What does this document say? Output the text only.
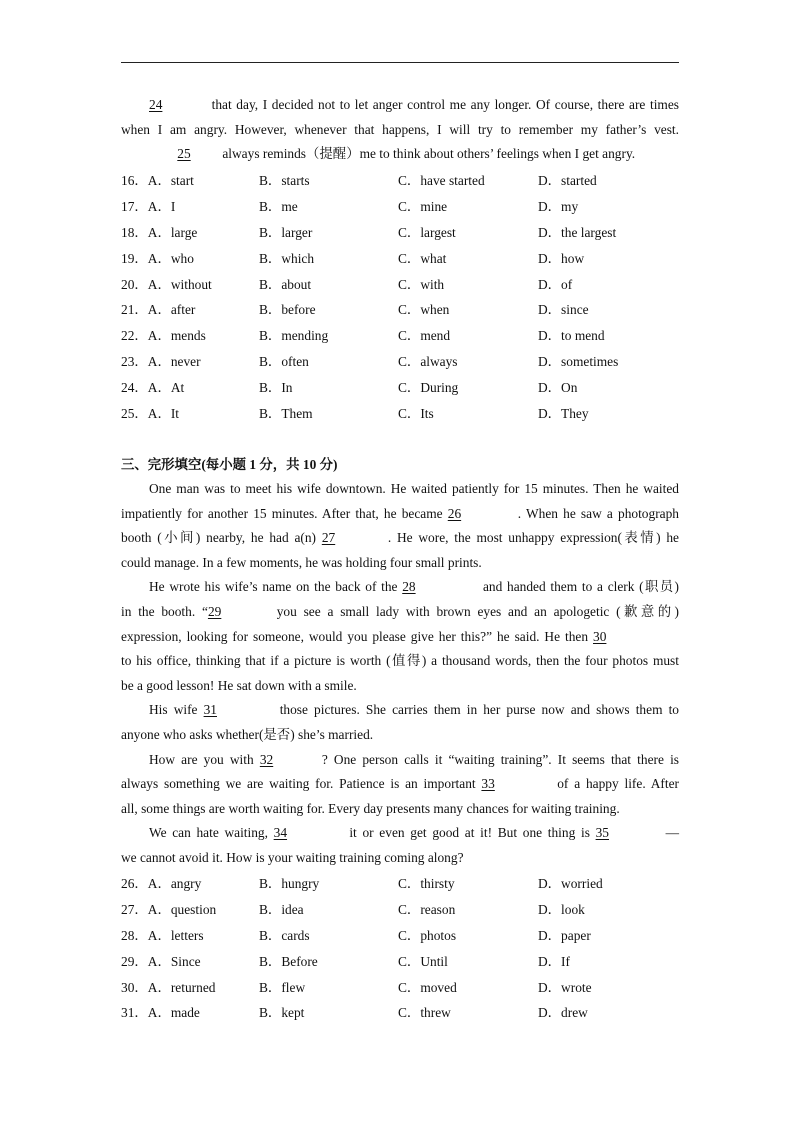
24	that day, I decided not to let anger control me any longer. Of course, there are times
when I am angry. However, whenever that happens, I will try to remember my father’s vest.
25 always reminds（提醒）me to think about others’ feelings when I get angry.
16．A．start	B．starts	C．have started	D．started
17．A．I	B．me	C．mine	D．my
18．A．large	B．larger	C．largest	D．the largest
19．A．who	B．which	C．what	D．how
20．A．without	B．about	C．with	D．of
21．A．after	B．before	C．when	D．since
22．A．mends	B．mending	C．mend	D．to mend
23．A．never	B．often	C．always	D．sometimes
24．A．At	B．In	C．During	D．On
25．A．It	B．Them	C．Its	D．They
三、完形填空(每小题 1 分，共 10 分)
One man was to meet his wife downtown. He waited patiently for 15 minutes. Then he waited
impatiently for another 15 minutes. After that, he became 26	. When he saw a photograph
booth (小间) nearby, he had a(n) 27	. He wore, the most unhappy expression(表情) he
could manage. In a few moments, he was holding four small prints.
He wrote his wife’s name on the back of the 28	and handed them to a clerk (职员)
in the booth. “29	you see a small lady with brown eyes and an apologetic (歉意的)
expression, looking for someone, would you please give her this?” he said. He then 30
to his office, thinking that if a picture is worth (值得) a thousand words, then the four photos must
be a good lesson! He sat down with a smile.
His wife 31	those pictures. She carries them in her purse now and shows them to
anyone who asks whether(是否) she’s married.
How are you with 32	? One person calls it “waiting training”. It seems that there is
always something we are waiting for. Patience is an important 33	of a happy life. After
all, some things are worth waiting for. Every day presents many chances for waiting training.
We can hate waiting, 34	it or even get good at it! But one thing is 35	—
we cannot avoid it. How is your waiting training coming along?
26．A．angry	B．hungry	C．thirsty	D．worried
27．A．question	B．idea	C．reason	D．look
28．A．letters	B．cards	C．photos	D．paper
29．A．Since	B．Before	C．Until	D．If
30．A．returned	B．flew	C．moved	D．wrote
31．A．made	B．kept	C．threw	D．drew
